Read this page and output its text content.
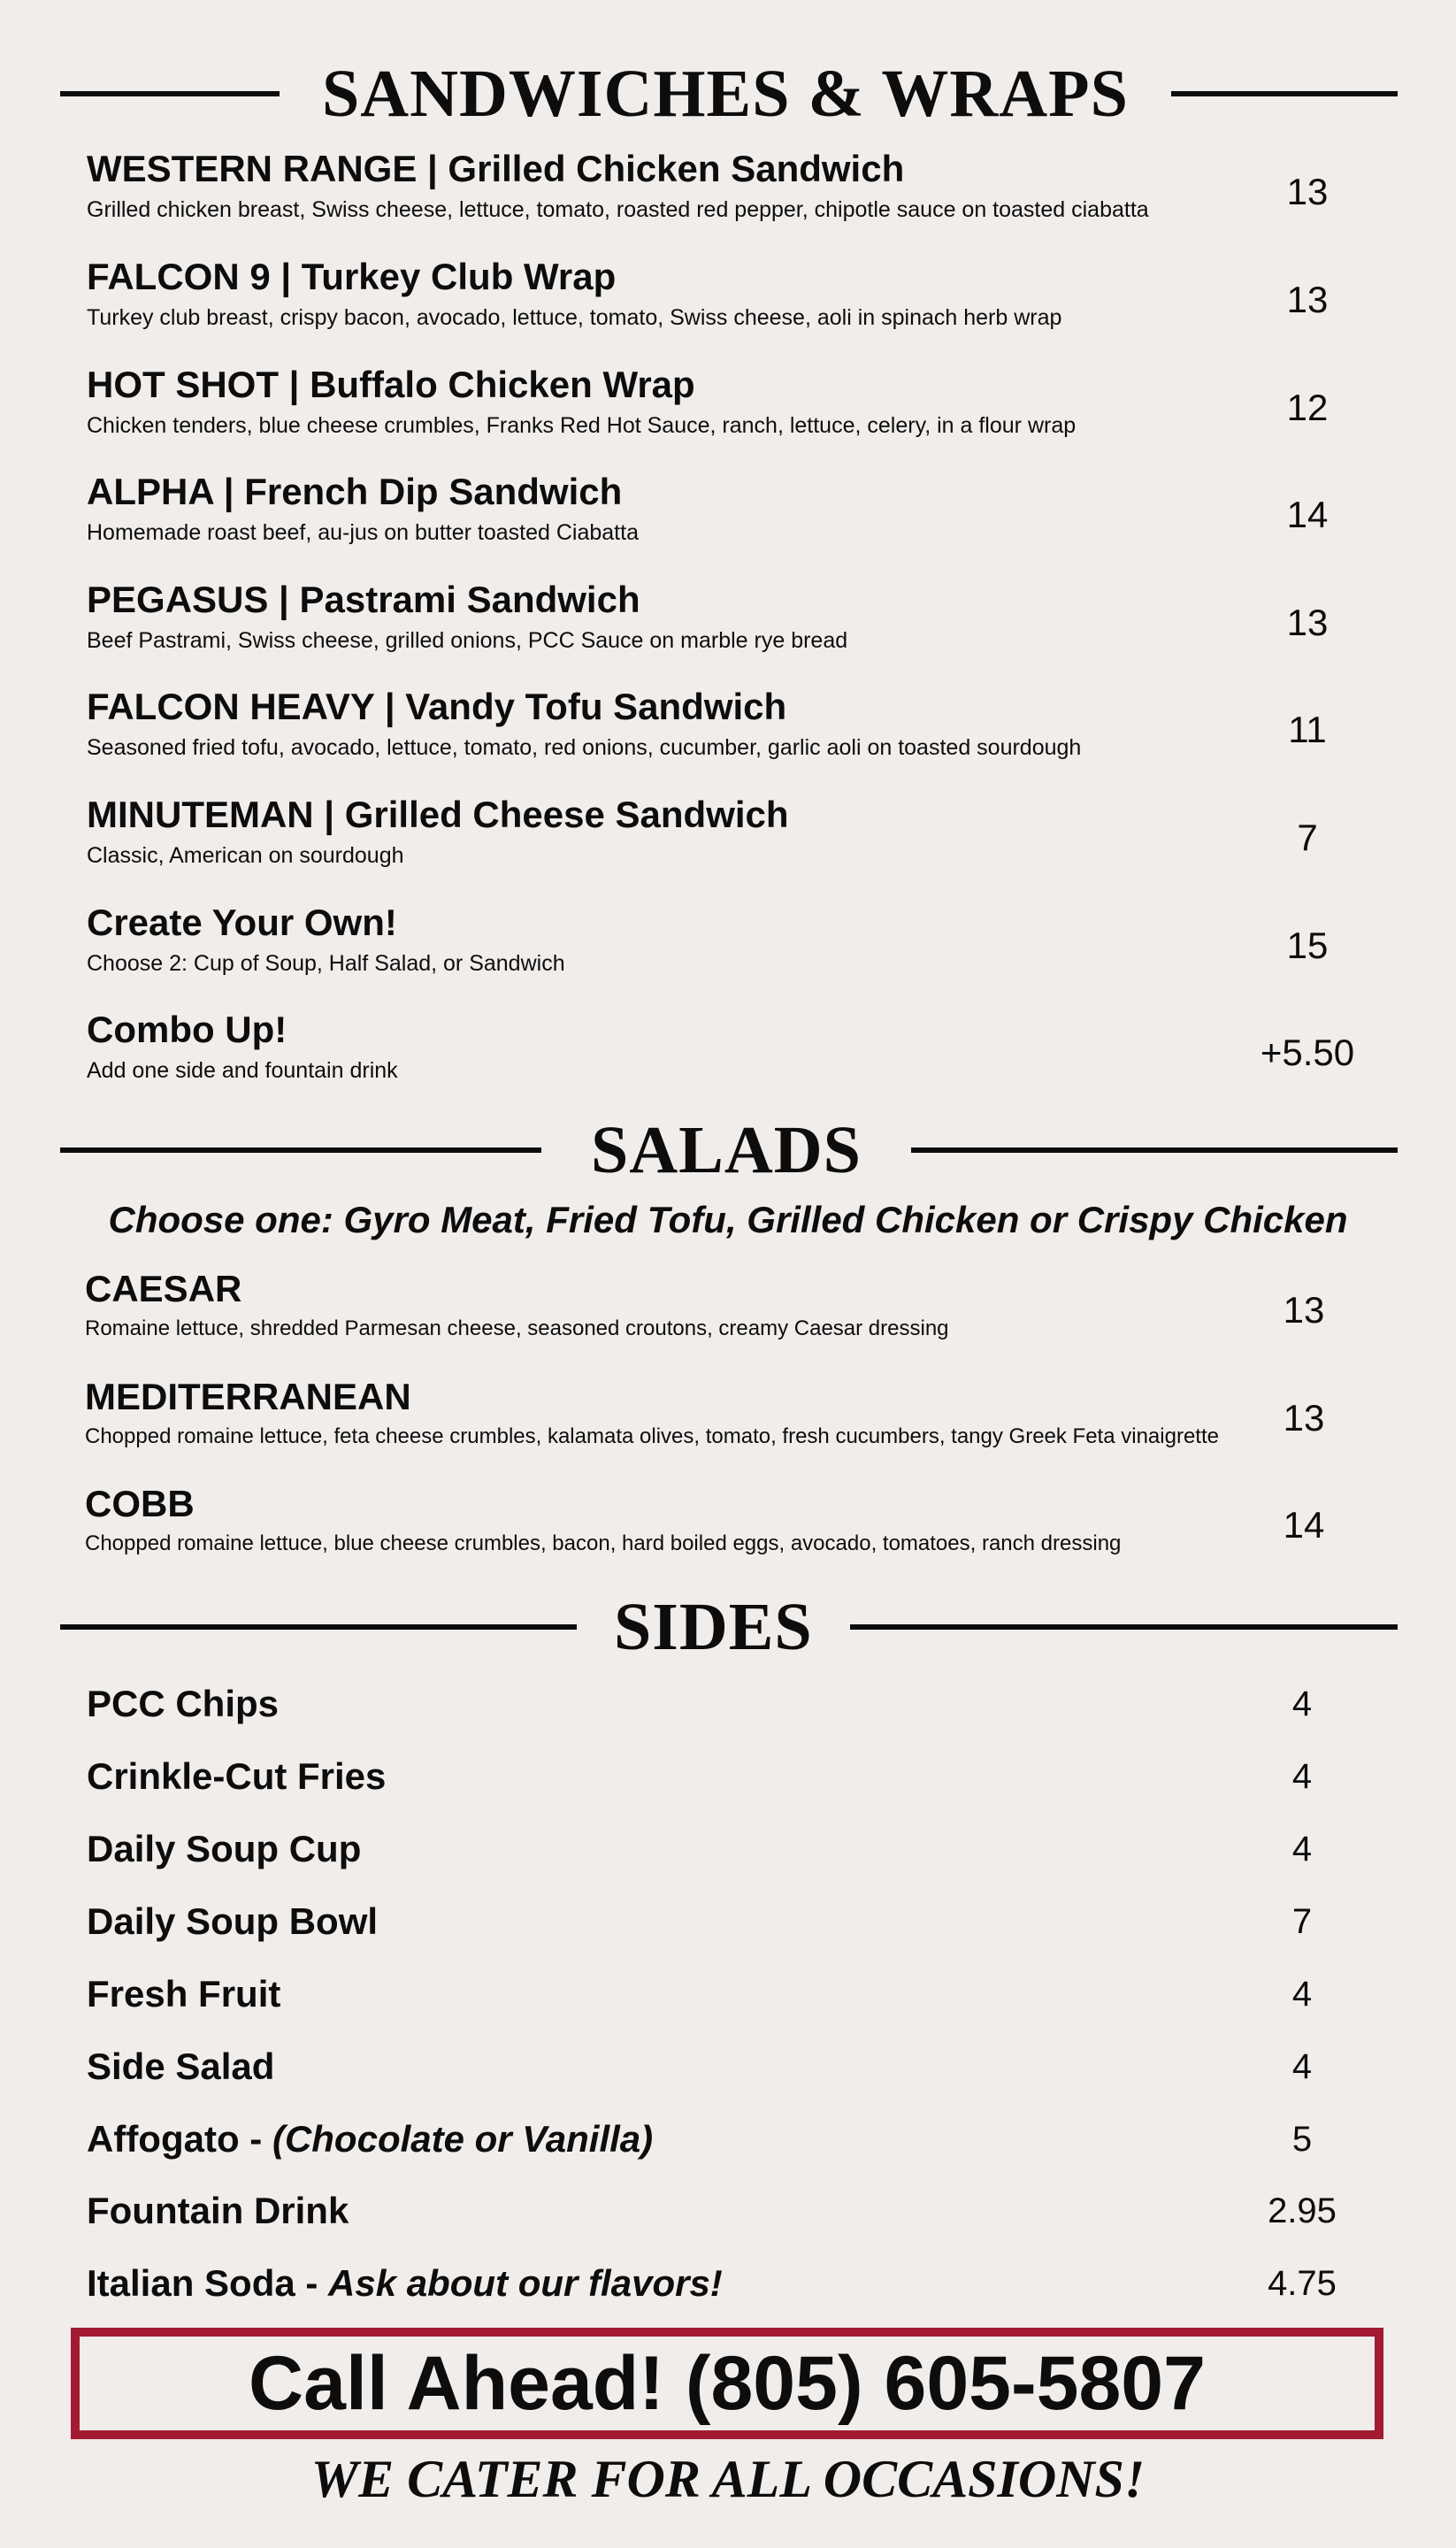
SANDWICHES & WRAPS
WESTERN RANGE | Grilled Chicken Sandwich
Grilled chicken breast, Swiss cheese, lettuce, tomato, roasted red pepper, chipotle sauce on toasted ciabatta	13
FALCON 9 | Turkey Club Wrap
Turkey club breast, crispy bacon, avocado, lettuce, tomato, Swiss cheese, aoli in spinach herb wrap	13
HOT SHOT | Buffalo Chicken Wrap
Chicken tenders, blue cheese crumbles, Franks Red Hot Sauce, ranch, lettuce, celery, in a flour wrap	12
ALPHA | French Dip Sandwich
Homemade roast beef, au-jus on butter toasted Ciabatta	14
PEGASUS | Pastrami Sandwich
Beef Pastrami, Swiss cheese, grilled onions, PCC Sauce on marble rye bread	13
FALCON HEAVY | Vandy Tofu Sandwich
Seasoned fried tofu, avocado, lettuce, tomato, red onions, cucumber, garlic aoli on toasted sourdough	11
MINUTEMAN | Grilled Cheese Sandwich
Classic, American on sourdough	7
Create Your Own!
Choose 2: Cup of Soup, Half Salad, or Sandwich	15
Combo Up!
Add one side and fountain drink	+5.50
SALADS
Choose one: Gyro Meat, Fried Tofu, Grilled Chicken or Crispy Chicken
CAESAR
Romaine lettuce, shredded Parmesan cheese, seasoned croutons, creamy Caesar dressing	13
MEDITERRANEAN
Chopped romaine lettuce, feta cheese crumbles, kalamata olives, tomato, fresh cucumbers, tangy Greek Feta vinaigrette	13
COBB
Chopped romaine lettuce, blue cheese crumbles, bacon, hard boiled eggs, avocado, tomatoes, ranch dressing	14
SIDES
PCC Chips	4
Crinkle-Cut Fries	4
Daily Soup Cup	4
Daily Soup Bowl	7
Fresh Fruit	4
Side Salad	4
Affogato - (Chocolate or Vanilla)	5
Fountain Drink	2.95
Italian Soda - Ask about our flavors!	4.75
Call Ahead! (805) 605-5807
WE CATER FOR ALL OCCASIONS!
